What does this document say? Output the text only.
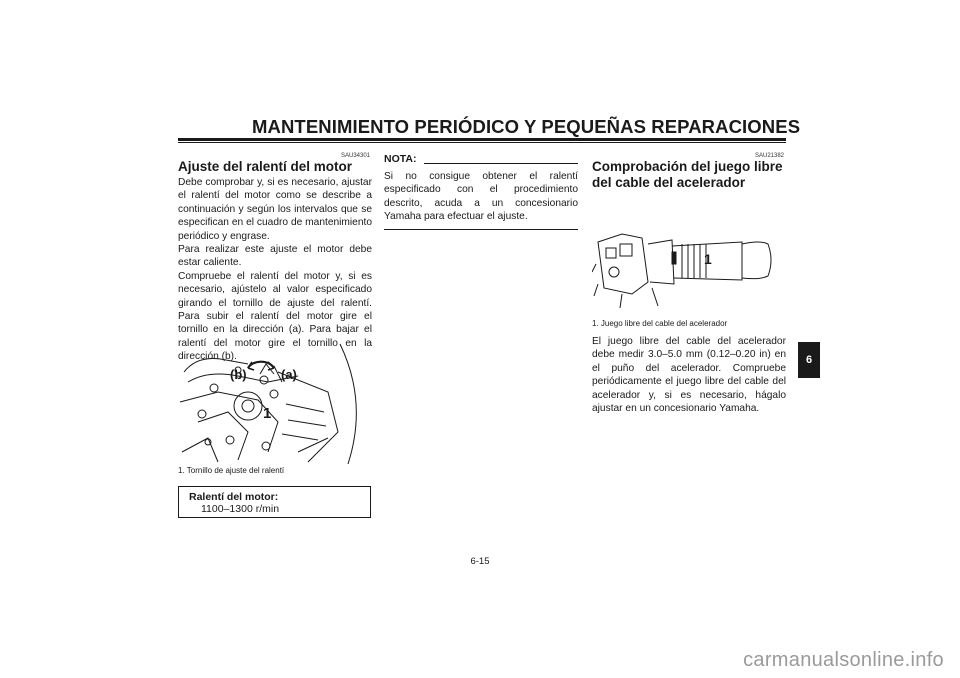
MANTENIMIENTO PERIÓDICO Y PEQUEÑAS REPARACIONES
SAU34301
Ajuste del ralentí del motor

Debe comprobar y, si es necesario, ajustar el ralentí del motor como se describe a continuación y según los intervalos que se especifican en el cuadro de mantenimiento periódico y engrase.

Para realizar este ajuste el motor debe estar caliente.

Compruebe el ralentí del motor y, si es necesario, ajústelo al valor especificado girando el tornillo de ajuste del ralentí. Para subir el ralentí del motor gire el tornillo en la dirección (a). Para bajar el ralentí del motor gire el tornillo en la dirección (b).

(b)	(a)
1
1. Tornillo de ajuste del ralentí
Ralentí del motor:
1100–1300 r/min
NOTA:
Si no consigue obtener el ralentí especificado con el procedimiento descrito, acuda a un concesionario Yamaha para efectuar el ajuste.
SAU21382
Comprobación del juego libre del cable del acelerador
1
1. Juego libre del cable del acelerador
El juego libre del cable del acelerador debe medir 3.0–5.0 mm (0.12–0.20 in) en el puño del acelerador. Compruebe periódicamente el juego libre del cable del acelerador y, si es necesario, hágalo ajustar en un concesionario Yamaha.
6
6-15
carmanualsonline.info
